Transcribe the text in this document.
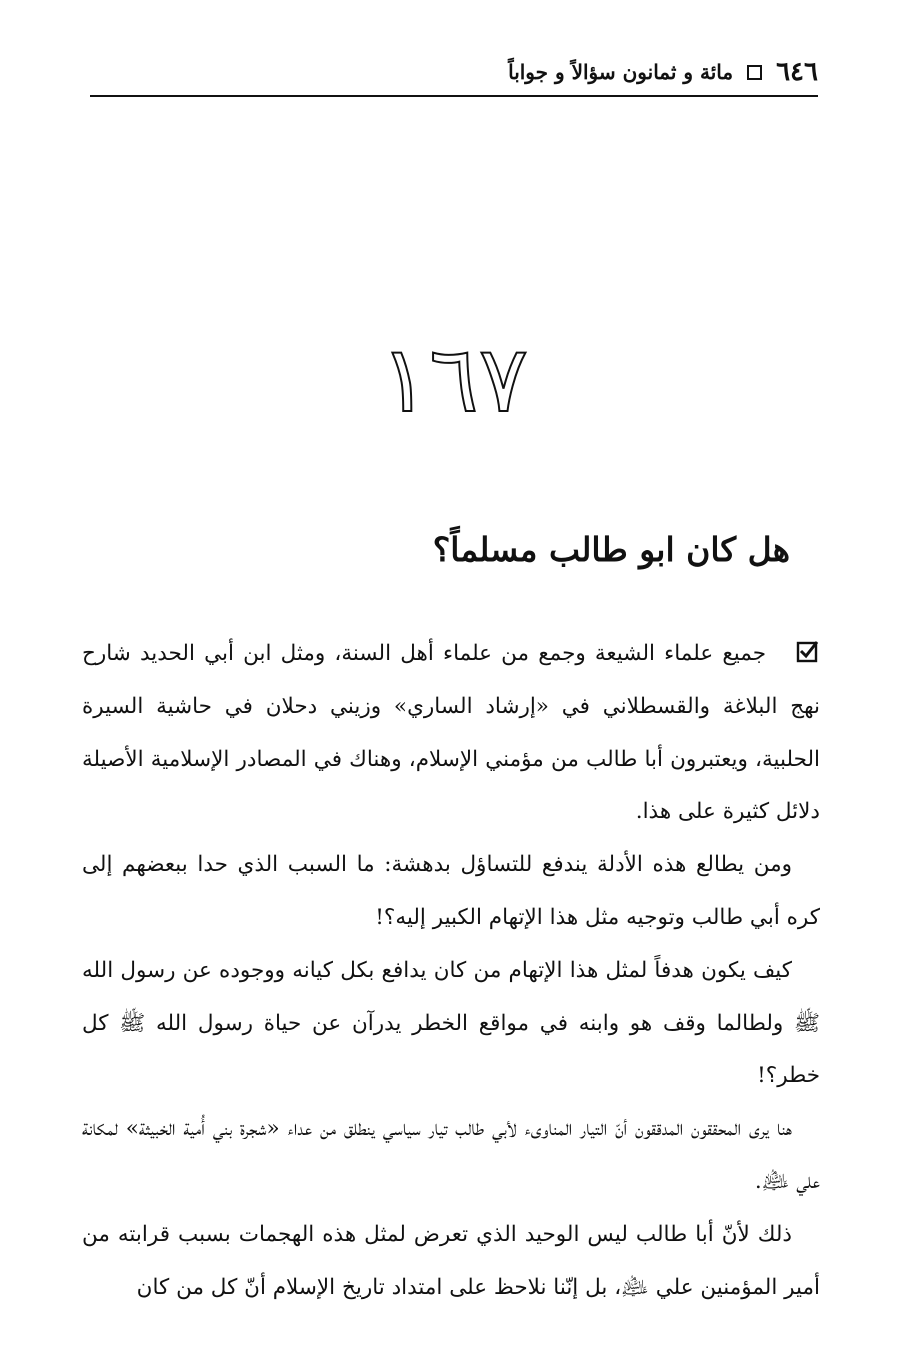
٦٤٦
مائة و ثمانون سؤالاً و جواباً
١٦٧
هل كان ابو طالب مسلماً؟

جميع علماء الشيعة وجمع من علماء أهل السنة، ومثل ابن أبي الحديد شارح نهج البلاغة والقسطلاني في «إرشاد الساري» وزيني دحلان في حاشية السيرة الحلبية، ويعتبرون أبا طالب من مؤمني الإسلام، وهناك في المصادر الإسلامية الأصيلة دلائل كثيرة على هذا.

ومن يطالع هذه الأدلة يندفع للتساؤل بدهشة: ما السبب الذي حدا ببعضهم إلى كره أبي طالب وتوجيه مثل هذا الإتهام الكبير إليه؟!

كيف يكون هدفاً لمثل هذا الإتهام من كان يدافع بكل كيانه ووجوده عن رسول الله ﷺ ولطالما وقف هو وابنه في مواقع الخطر يدرآن عن حياة رسول الله ﷺ كل خطر؟!

هنا يرى المحققون المدققون أنّ التيار المناوىء لأبي طالب تيار سياسي ينطلق من عداء «شجرة بني أُمية الخبيثة» لمكانة علي ﵇.

ذلك لأنّ أبا طالب ليس الوحيد الذي تعرض لمثل هذه الهجمات بسبب قرابته من أمير المؤمنين علي ﵇، بل إنّنا نلاحظ على امتداد تاريخ الإسلام أنّ كل من كان
